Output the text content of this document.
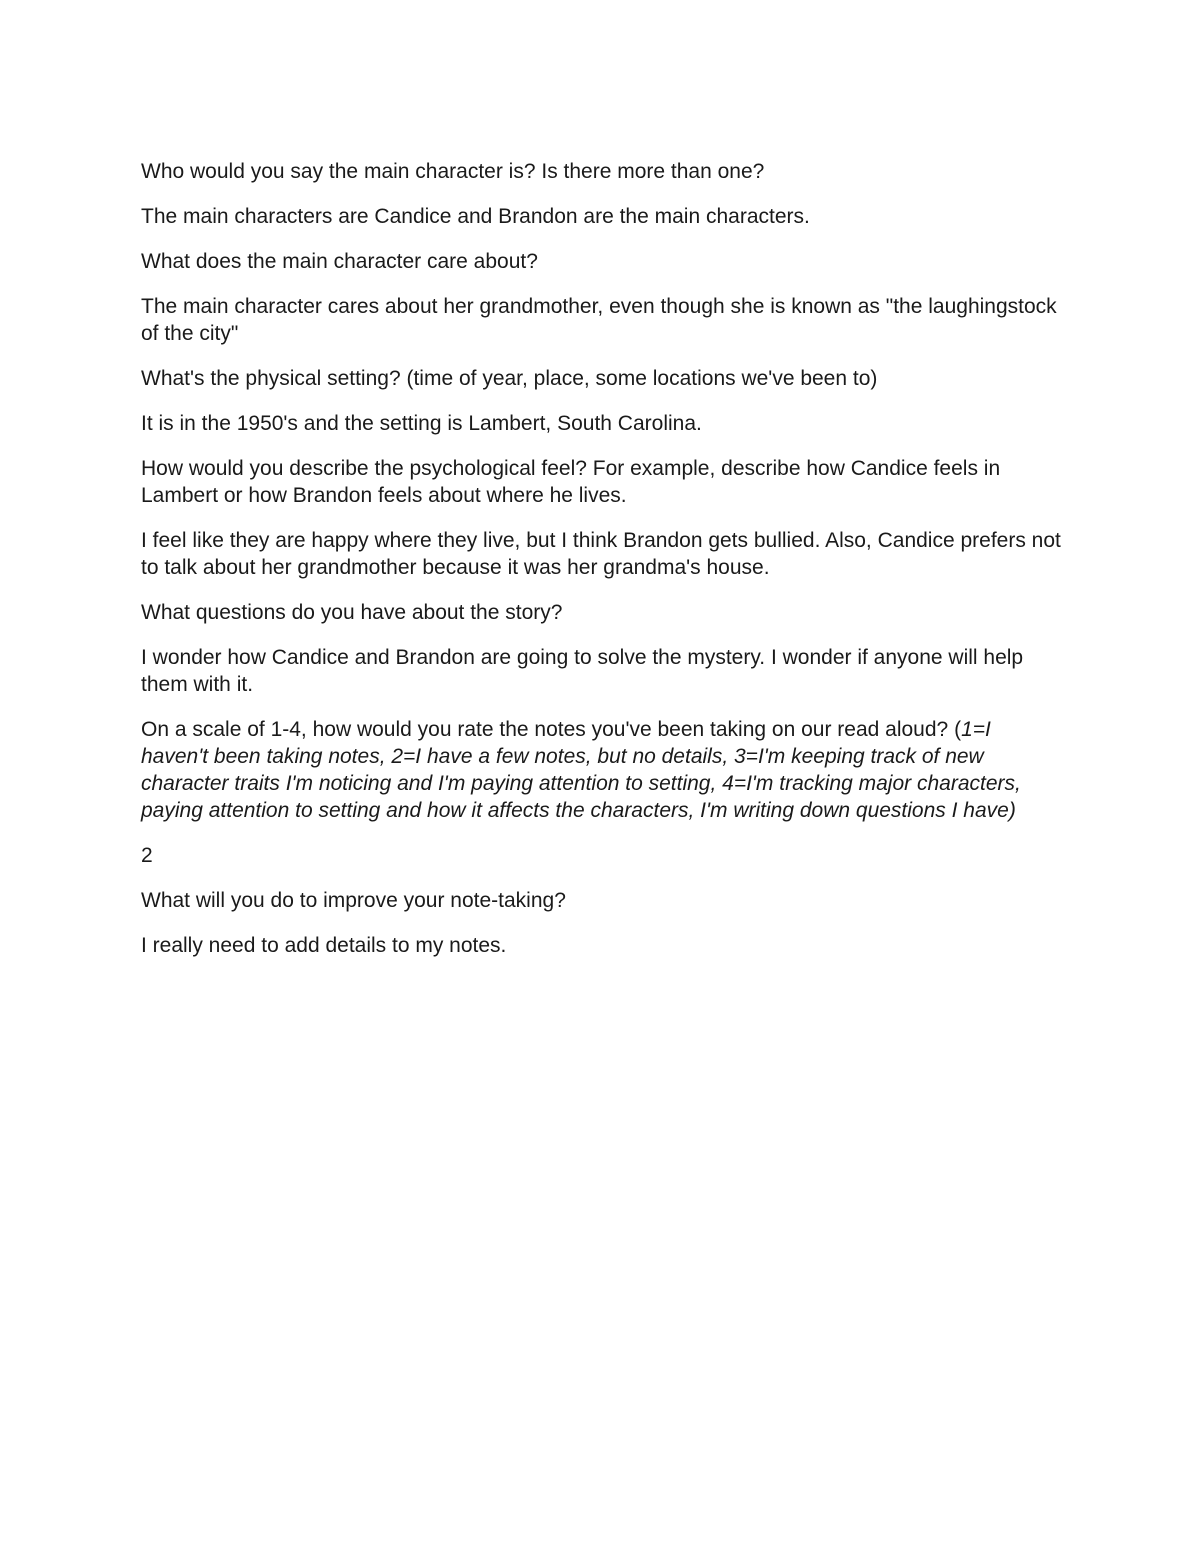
Who would you say the main character is? Is there more than one?

The main characters are Candice and Brandon are the main characters.

What does the main character care about?

The main character cares about her grandmother, even though she is known as "the laughingstock of the city"

What's the physical setting? (time of year, place, some locations we've been to)

It is in the 1950's and the setting is Lambert, South Carolina.

How would you describe the psychological feel? For example, describe how Candice feels in Lambert or how Brandon feels about where he lives.

I feel like they are happy where they live, but I think Brandon gets bullied. Also, Candice prefers not to talk about her grandmother because it was her grandma's house.

What questions do you have about the story?

I wonder how Candice and Brandon are going to solve the mystery. I wonder if anyone will help them with it.

On a scale of 1-4, how would you rate the notes you've been taking on our read aloud? (1=I haven't been taking notes, 2=I have a few notes, but no details, 3=I'm keeping track of new character traits I'm noticing and I'm paying attention to setting, 4=I'm tracking major characters, paying attention to setting and how it affects the characters, I'm writing down questions I have)

2

What will you do to improve your note-taking?

I really need to add details to my notes.
